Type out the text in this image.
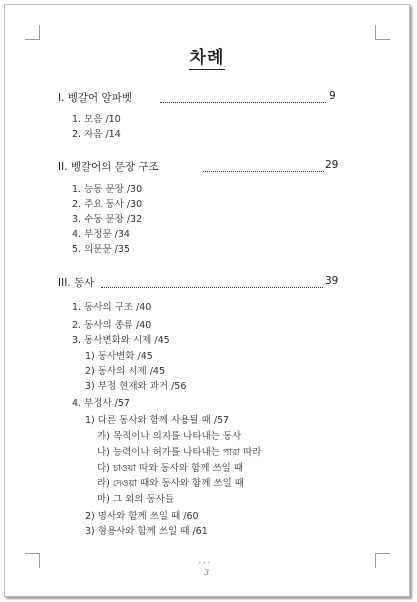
차례
I. 벵갈어 알파벳	9
1. 모음 /10
2. 자음 /14
II. 벵갈어의 문장 구조	29
1. 능동 문장 /30
2. 주요 동사 /30
3. 수동 문장 /32
4. 부정문 /34
5. 의문문 /35
III. 동사	39
1. 동사의 구조 /40
2. 동사의 종류 /40
3. 동사변화와 시제 /45
1) 동사변화 /45
2) 동사의 시제 /45
3) 부정 현재와 과거 /56
4. 부정사 /57
1) 다른 동사와 함께 사용될 때 /57
가) 목적이나 의지를 나타내는 동사
나) 능력이나 허가를 나타내는 পারা 따라
다) চাওয়া 따와 동사와 함께 쓰일 때
라) দেওয়া 때와 동사와 함께 쓰일 때
마) 그 외의 동사들
2) 명사와 함께 쓰일 때 /60
3) 형용사와 함께 쓰일 때 /61
•••
3
